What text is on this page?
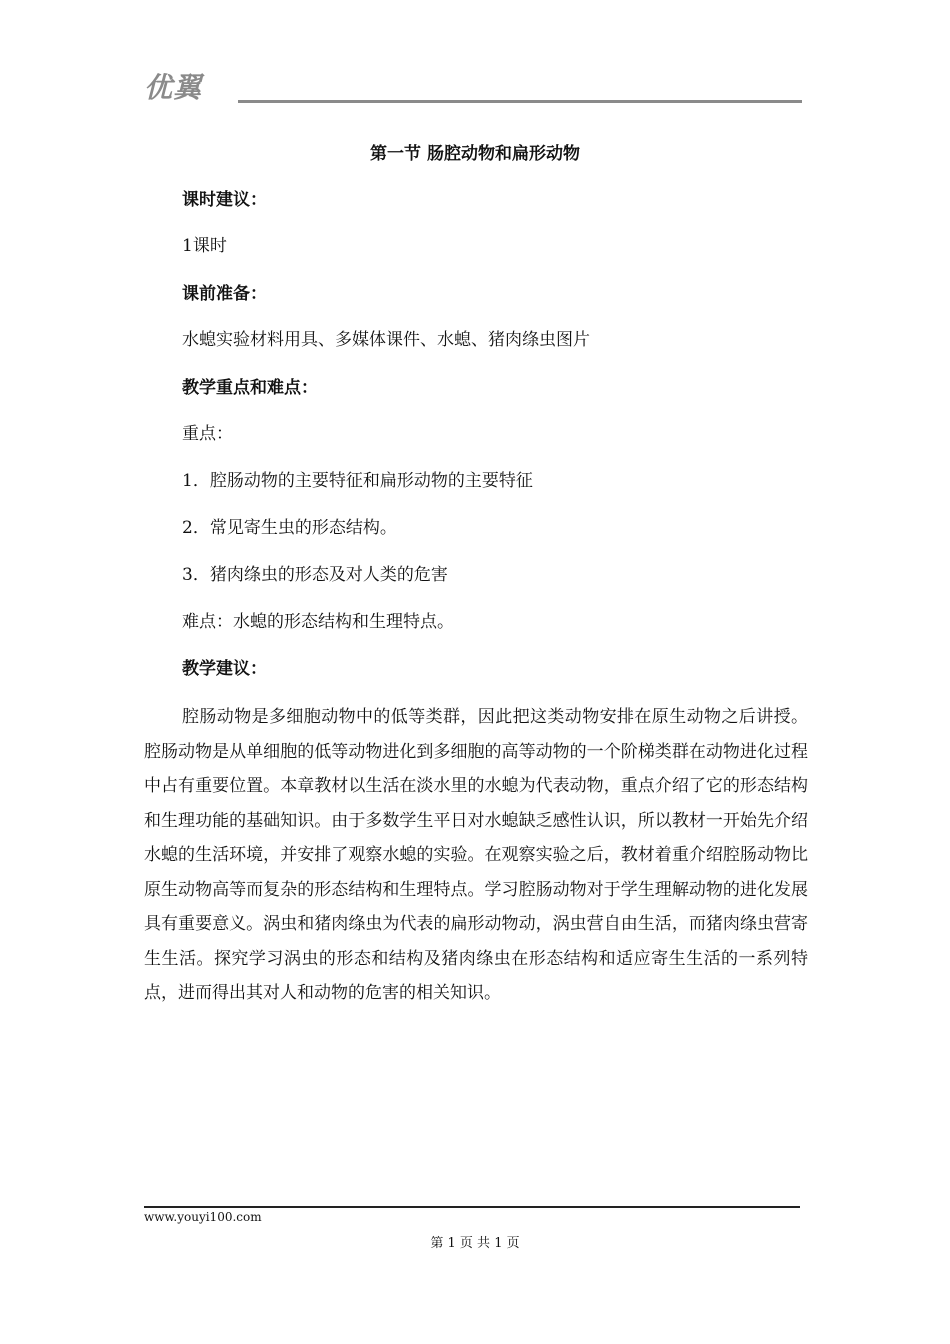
优翼
第一节 肠腔动物和扁形动物
课时建议：
1课时
课前准备：
水螅实验材料用具、多媒体课件、水螅、猪肉绦虫图片
教学重点和难点：
重点：
1．腔肠动物的主要特征和扁形动物的主要特征
2．常见寄生虫的形态结构。
3．猪肉绦虫的形态及对人类的危害
难点：水螅的形态结构和生理特点。
教学建议：

腔肠动物是多细胞动物中的低等类群，因此把这类动物安排在原生动物之后讲授。腔肠动物是从单细胞的低等动物进化到多细胞的高等动物的一个阶梯类群在动物进化过程中占有重要位置。本章教材以生活在淡水里的水螅为代表动物，重点介绍了它的形态结构和生理功能的基础知识。由于多数学生平日对水螅缺乏感性认识，所以教材一开始先介绍水螅的生活环境，并安排了观察水螅的实验。在观察实验之后，教材着重介绍腔肠动物比原生动物高等而复杂的形态结构和生理特点。学习腔肠动物对于学生理解动物的进化发展具有重要意义。涡虫和猪肉绦虫为代表的扁形动物动，涡虫营自由生活，而猪肉绦虫营寄生生活。探究学习涡虫的形态和结构及猪肉绦虫在形态结构和适应寄生生活的一系列特点，进而得出其对人和动物的危害的相关知识。

www.youyi100.com
第 1 页 共 1 页
